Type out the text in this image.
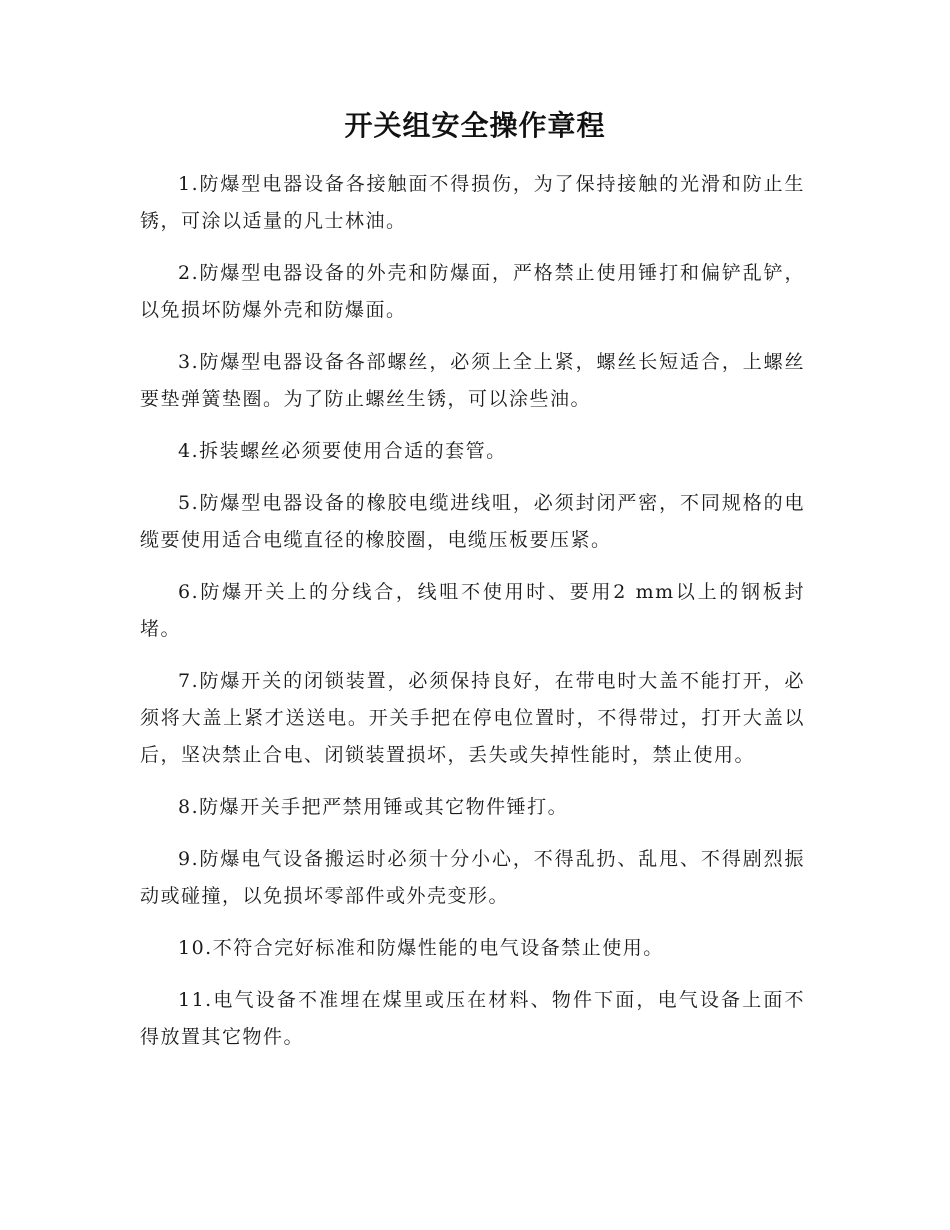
开关组安全操作章程

1.防爆型电器设备各接触面不得损伤，为了保持接触的光滑和防止生锈，可涂以适量的凡士林油。

2.防爆型电器设备的外壳和防爆面，严格禁止使用锤打和偏铲乱铲，以免损坏防爆外壳和防爆面。

3.防爆型电器设备各部螺丝，必须上全上紧，螺丝长短适合，上螺丝要垫弹簧垫圈。为了防止螺丝生锈，可以涂些油。

4.拆装螺丝必须要使用合适的套管。

5.防爆型电器设备的橡胶电缆进线咀，必须封闭严密，不同规格的电缆要使用适合电缆直径的橡胶圈，电缆压板要压紧。

6.防爆开关上的分线合，线咀不使用时、要用2 mm以上的钢板封堵。

7.防爆开关的闭锁装置，必须保持良好，在带电时大盖不能打开，必须将大盖上紧才送送电。开关手把在停电位置时，不得带过，打开大盖以后，坚决禁止合电、闭锁装置损坏，丢失或失掉性能时，禁止使用。

8.防爆开关手把严禁用锤或其它物件锤打。

9.防爆电气设备搬运时必须十分小心，不得乱扔、乱甩、不得剧烈振动或碰撞，以免损坏零部件或外壳变形。

10.不符合完好标准和防爆性能的电气设备禁止使用。

11.电气设备不准埋在煤里或压在材料、物件下面，电气设备上面不得放置其它物件。
